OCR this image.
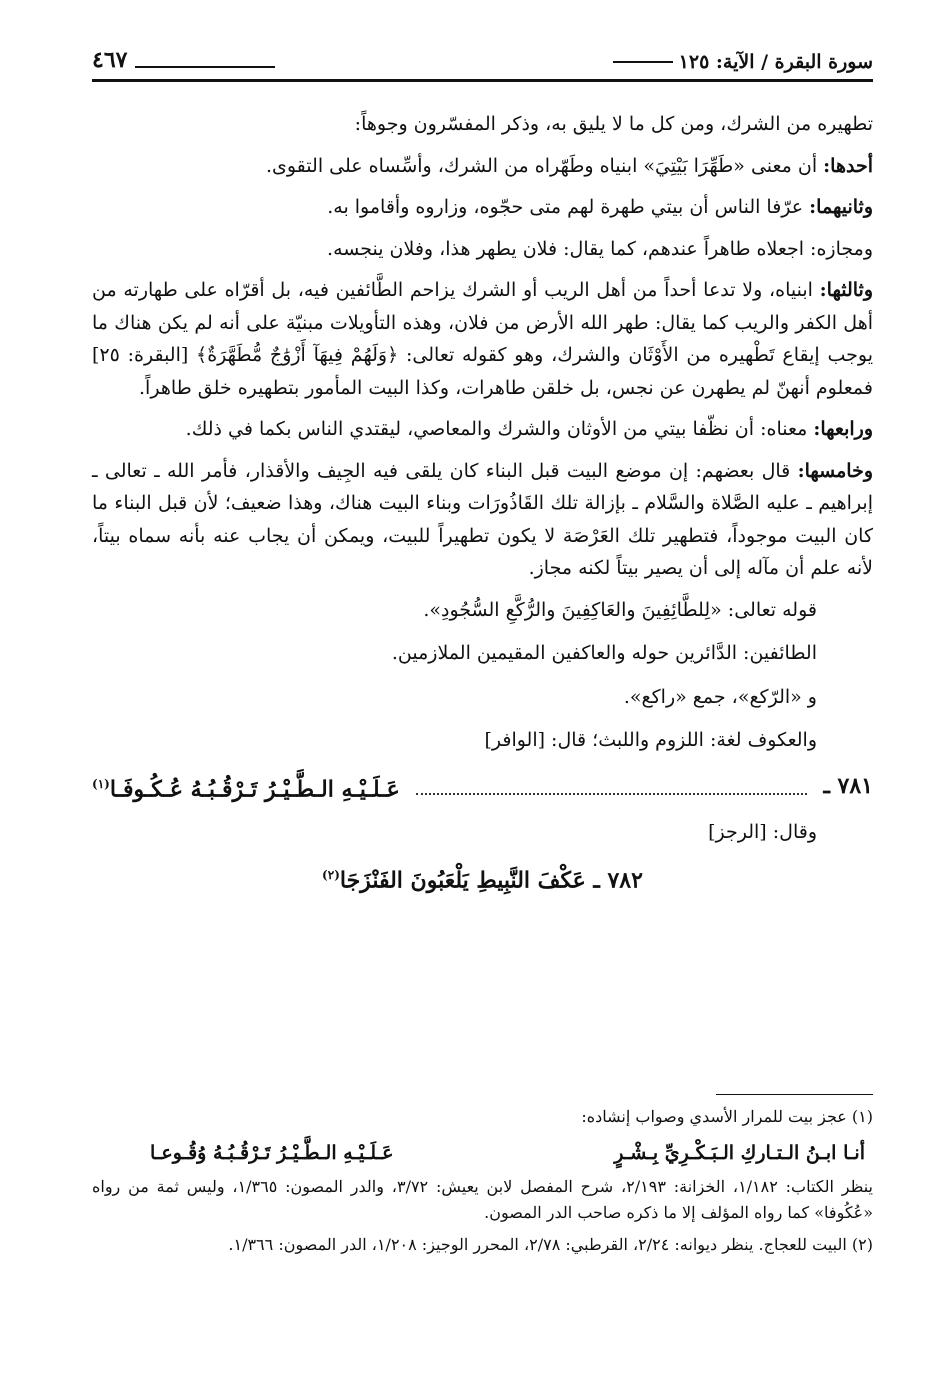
سورة البقرة / الآية: ١٢٥
٤٦٧

تطهيره من الشرك، ومن كل ما لا يليق به، وذكر المفسّرون وجوهاً:

أحدها: أن معنى «طَهِّرَا بَيْتِيَ» ابنياه وطَهّراه من الشرك، وأسِّساه على التقوى.

وثانيهما: عرّفا الناس أن بيتي طهرة لهم متى حجّوه، وزاروه وأقاموا به.

ومجازه: اجعلاه طاهراً عندهم، كما يقال: فلان يطهر هذا، وفلان ينجسه.

وثالثها: ابنياه، ولا تدعا أحداً من أهل الريب أو الشرك يزاحم الطَّائفين فيه، بل أقرّاه على طهارته من أهل الكفر والريب كما يقال: طهر الله الأرض من فلان، وهذه التأويلات مبنيّة على أنه لم يكن هناك ما يوجب إيقاع تَطْهيره من الأَوْثَان والشرك، وهو كقوله تعالى: ﴿وَلَهُمْ فِيهَآ أَزْوَٰجٌ مُّطَهَّرَةٌ﴾ [البقرة: ٢٥] فمعلوم أنهنّ لم يطهرن عن نجس، بل خلقن طاهرات، وكذا البيت المأمور بتطهيره خلق طاهراً.

ورابعها: معناه: أن نظّفا بيتي من الأوثان والشرك والمعاصي، ليقتدي الناس بكما في ذلك.

وخامسها: قال بعضهم: إن موضع البيت قبل البناء كان يلقى فيه الجِيف والأقذار، فأمر الله ـ تعالى ـ إبراهيم ـ عليه الصَّلاة والسَّلام ـ بإزالة تلك القَاذُورَات وبناء البيت هناك، وهذا ضعيف؛ لأن قبل البناء ما كان البيت موجوداً، فتطهير تلك العَرْصَة لا يكون تطهيراً للبيت، ويمكن أن يجاب عنه بأنه سماه بيتاً، لأنه علم أن مآله إلى أن يصير بيتاً لكنه مجاز.

قوله تعالى: «لِلطَّائِفِينَ والعَاكِفِينَ والرُّكَّعِ السُّجُودِ».

الطائفين: الدَّائرين حوله والعاكفين المقيمين الملازمين.

و «الرّكع»، جمع «راكع».

والعكوف لغة: اللزوم واللبث؛ قال: [الوافر]

٧٨١ ـ
عَـلَـيْـهِ الـطَّـيْـرُ تَـرْقُـبُـهُ عُـكُـوفَـا$^{(١)}$

وقال: [الرجز]

٧٨٢ ـ عَكْفَ النَّبِيطِ يَلْعَبُونَ الفَنْزَجَا$^{(٢)}$

(١) عجز بيت للمرار الأسدي وصواب إنشاده:

أنـا ابـنُ الـتـاركِ الـبَـكْـرِيِّ بِـشْـرٍ
عَـلَـيْـهِ الـطَّـيْـرُ تَـرْقُـبُـهُ وُقُـوعـا

ينظر الكتاب: ١/١٨٢، الخزانة: ٢/١٩٣، شرح المفصل لابن يعيش: ٣/٧٢، والدر المصون: ١/٣٦٥، وليس ثمة من رواه «عُكُوفا» كما رواه المؤلف إلا ما ذكره صاحب الدر المصون.

(٢) البيت للعجاج. ينظر ديوانه: ٢/٢٤، القرطبي: ٢/٧٨، المحرر الوجيز: ١/٢٠٨، الدر المصون: ١/٣٦٦.
